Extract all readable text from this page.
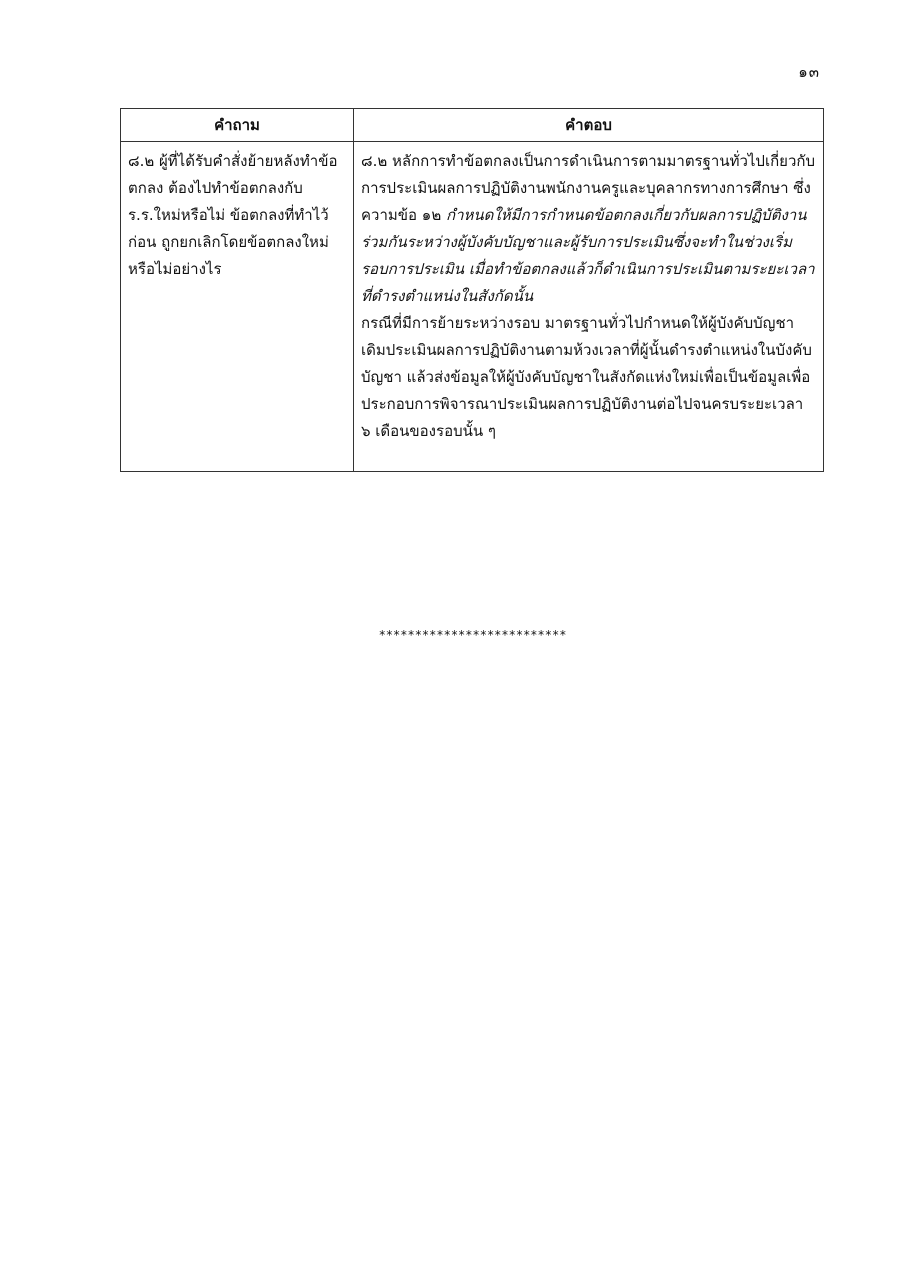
๑๓
คำถาม	คำตอบ
๘.๒ ผู้ที่ได้รับคำสั่งย้ายหลังทำข้อตกลง ต้องไปทำข้อตกลงกับ ร.ร.ใหม่หรือไม่ ข้อตกลงที่ทำไว้ก่อน ถูกยกเลิกโดยข้อตกลงใหม่หรือไม่อย่างไร	๘.๒ หลักการทำข้อตกลงเป็นการดำเนินการตามมาตรฐานทั่วไปเกี่ยวกับการประเมินผลการปฏิบัติงานพนักงานครูและบุคลากรทางการศึกษา ซึ่งความข้อ ๑๒ กำหนดให้มีการกำหนดข้อตกลงเกี่ยวกับผลการปฏิบัติงานร่วมกันระหว่างผู้บังคับบัญชาและผู้รับการประเมินซึ่งจะทำในช่วงเริ่มรอบการประเมิน เมื่อทำข้อตกลงแล้วก็ดำเนินการประเมินตามระยะเวลาที่ดำรงตำแหน่งในสังกัดนั้น
กรณีที่มีการย้ายระหว่างรอบ มาตรฐานทั่วไปกำหนดให้ผู้บังคับบัญชาเดิมประเมินผลการปฏิบัติงานตามห้วงเวลาที่ผู้นั้นดำรงตำแหน่งในบังคับบัญชา แล้วส่งข้อมูลให้ผู้บังคับบัญชาในสังกัดแห่งใหม่เพื่อเป็นข้อมูลเพื่อประกอบการพิจารณาประเมินผลการปฏิบัติงานต่อไปจนครบระยะเวลา ๖ เดือนของรอบนั้น ๆ
**************************
